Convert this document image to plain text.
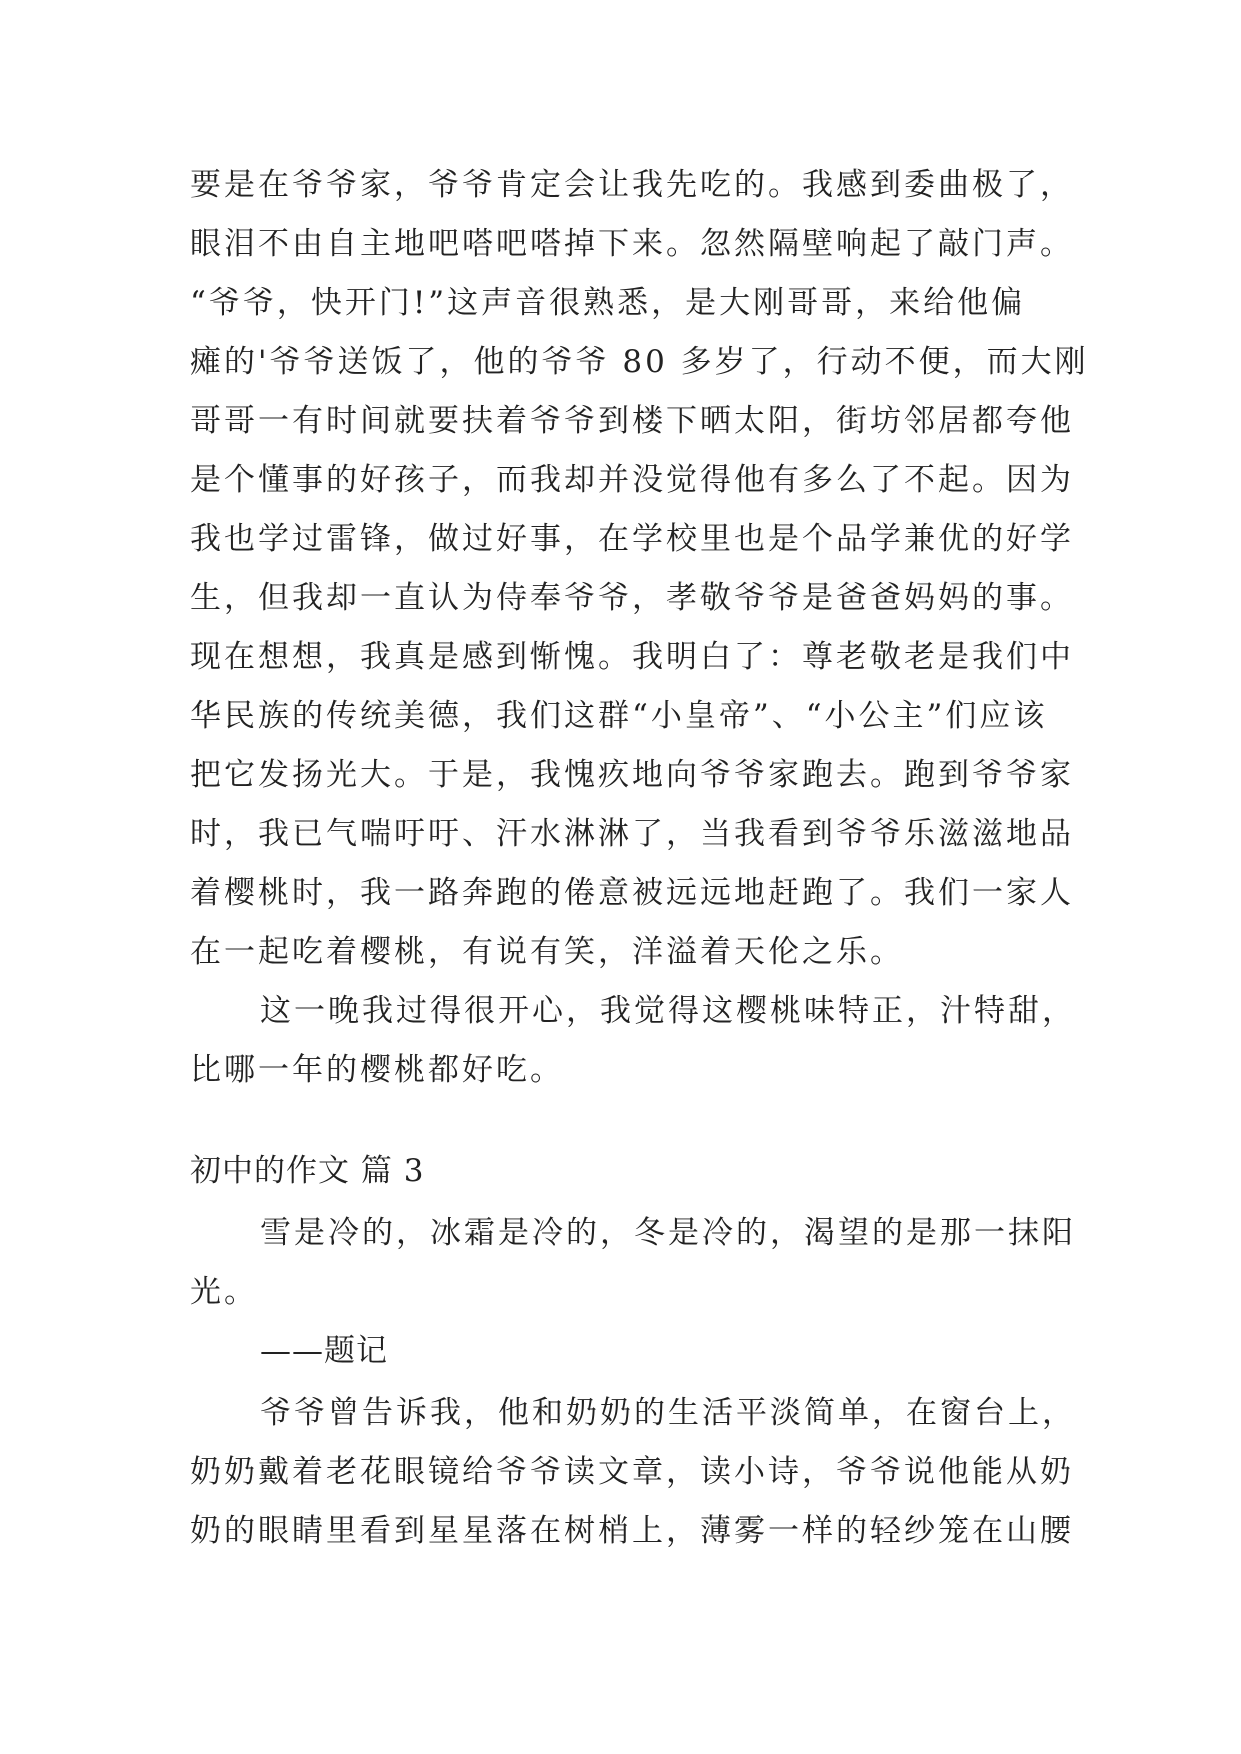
要是在爷爷家，爷爷肯定会让我先吃的。我感到委曲极了，
眼泪不由自主地吧嗒吧嗒掉下来。忽然隔壁响起了敲门声。
“爷爷，快开门!”这声音很熟悉，是大刚哥哥，来给他偏
瘫的'爷爷送饭了，他的爷爷 80 多岁了，行动不便，而大刚
哥哥一有时间就要扶着爷爷到楼下晒太阳，街坊邻居都夸他
是个懂事的好孩子，而我却并没觉得他有多么了不起。因为
我也学过雷锋，做过好事，在学校里也是个品学兼优的好学
生，但我却一直认为侍奉爷爷，孝敬爷爷是爸爸妈妈的事。
现在想想，我真是感到惭愧。我明白了：尊老敬老是我们中
华民族的传统美德，我们这群“小皇帝”、“小公主”们应该
把它发扬光大。于是，我愧疚地向爷爷家跑去。跑到爷爷家
时，我已气喘吁吁、汗水淋淋了，当我看到爷爷乐滋滋地品
着樱桃时，我一路奔跑的倦意被远远地赶跑了。我们一家人
在一起吃着樱桃，有说有笑，洋溢着天伦之乐。
这一晚我过得很开心，我觉得这樱桃味特正，汁特甜，
比哪一年的樱桃都好吃。
初中的作文 篇 3
雪是冷的，冰霜是冷的，冬是冷的，渴望的是那一抹阳
光。
——题记
爷爷曾告诉我，他和奶奶的生活平淡简单，在窗台上，
奶奶戴着老花眼镜给爷爷读文章，读小诗，爷爷说他能从奶
奶的眼睛里看到星星落在树梢上，薄雾一样的轻纱笼在山腰
